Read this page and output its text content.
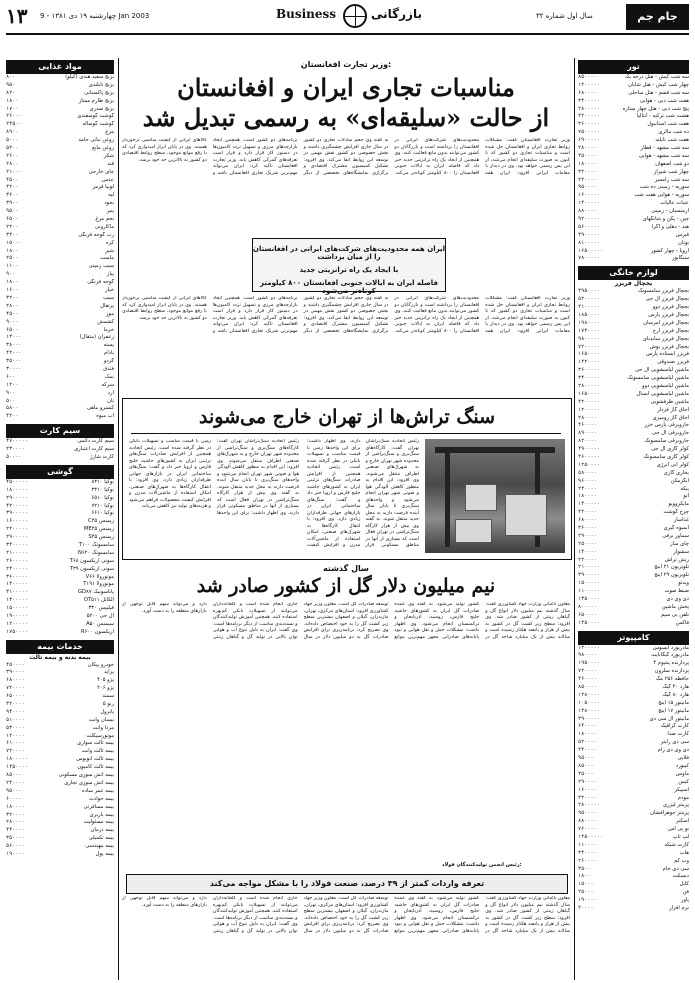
۱۳ چهارشنبه ۱۹ دی ۱۳۸۱ - 9 Jan 2003	Business	بازرگانی	سال اول شماره ۳۲	جام جم
مواد غذایی
۸۰۰	برنج سفید هندی (کیلو)
۹۵۰	برنج تایلندی
۸۲۰	برنج پاکستانی
۱۸۰۰	برنج طارم ممتاز
۱۷۰۰	برنج صدری
۲۶۰۰۰	گوشت گوسفندی
۲۴۵۰۰	گوشت گوساله
۸۹۰۰	مرغ
۵۰۰۰	روغن نباتی جامد
۵۲۰۰	روغن مایع
۲۶۰۰	شکر
۲۸۰۰	قند
۲۱۰۰۰	چای خارجی
۴۵۰۰	عدس
۴۲۰۰	لوبیا قرمز
۳۶۰۰	لپه
۳۹۰۰	نخود
۹۵۰۰	پنیر
۶۵۰۰	تخم مرغ
۲۲۰۰	ماکارونی
۳۴۰۰	رب گوجه فرنگی
۱۵۰۰۰	کره
۱۸۰۰	شیر
۲۵۰۰	ماست
۱۱۰۰	سیب زمینی
۹۰۰	پیاز
۱۸۰۰	گوجه فرنگی
۱۶۰۰	خیار
۳۲۰۰	سیب
۲۸۰۰	پرتقال
۴۵۰۰	موز
۹۰۰۰	کشمش
۶۵۰۰	خرما
۱۴۰۰۰	زعفران (مثقال)
۳۸۰۰۰	پسته
۴۲۰۰۰	بادام
۳۵۰۰۰	گردو
۳۰۰۰۰	فندق
۶۰۰	نمک
۱۲۰۰	سرکه
۹۰۰	آرد
۵۰۰	نان
۵۸۰۰	کنسرو ماهی
۴۲۰۰	آب میوه
سیم کارت
۴۷۰۰۰۰۰	سیم کارت دائمی
۲۳۰۰۰۰	سیم کارت اعتباری
۵۰۰۰۰	کارت شارژ
گوشی
۴۵۰۰۰۰۰	نوکیا ۸۳۱۰
۱۸۰۰۰۰۰	نوکیا ۳۳۱۰
۲۹۰۰۰۰۰	نوکیا ۶۵۱۰
۴۲۰۰۰۰۰	نوکیا ۷۲۱۰
۳۹۰۰۰۰۰	نوکیا ۶۶۱۰
۱۶۰۰۰۰۰	زیمنس C۴۵
۲۲۰۰۰۰۰	زیمنس ME۴۵
۲۹۰۰۰۰۰	زیمنس S۴۵
۳۴۰۰۰۰۰	سامسونگ T۱۰۰
۲۱۰۰۰۰۰	سامسونگ N۶۲۰
۲۶۰۰۰۰۰	سونی اریکسون T۶۸
۲۴۰۰۰۰۰	سونی اریکسون T۳۹
۳۶۰۰۰۰۰	موتورولا V۶۶
۱۴۰۰۰۰۰	موتورولا T۱۹۱
۳۱۰۰۰۰۰	پاناسونیک GD۸۷
۱۳۰۰۰۰۰	آلکاتل OT۵۱۱
۱۵۰۰۰۰۰	فیلیپس ۳۳۰
۱۹۰۰۰۰۰	ال جی ۵۲۰۰
۱۲۰۰۰۰۰	سیمنس A۵۰
۱۷۵۰۰۰۰	اریکسون R۶۰۰
خدمات بیمه
بیمه بدنه و بیمه ثالث
۴۵۰۰۰۰	خودرو پیکان
۳۹۰۰۰۰	پراید
۶۸۰۰۰۰	پژو ۴۰۵
۷۲۰۰۰۰	پژو ۲۰۶
۶۵۰۰۰۰	سمند
۳۲۰۰۰۰	رنو ۵
۹۴۰۰۰۰	پاترول
۵۱۰۰۰۰	نیسان وانت
۵۳۰۰۰۰	مزدا وانت
۱۲۰۰۰۰	موتورسیکلت
۶۱۰۰۰۰	بیمه ثالث سواری
۷۲۰۰۰۰	بیمه ثالث وانت
۱۸۰۰۰۰۰	بیمه ثالث اتوبوس
۱۴۵۰۰۰۰	بیمه ثالث کامیون
۸۵۰۰۰	بیمه آتش سوزی مسکونی
۲۴۰۰۰۰	بیمه آتش سوزی تجاری
۹۵۰۰۰	بیمه عمر ساده
۶۰۰۰۰	بیمه حوادث
۱۸۰۰۰۰	بیمه مسافرتی
۳۲۰۰۰۰	بیمه باربری
۲۸۰۰۰۰	بیمه مسئولیت
۴۴۰۰۰۰	بیمه درمان
۳۵۰۰۰۰	بیمه تکمیلی
۵۶۰۰۰۰	بیمه مهندسی
۱۹۰۰۰۰	بیمه پول
تور
۸۵۰۰۰۰	سه شب کیش - هتل درجه یک
۱۲۰۰۰۰۰	چهار شب کیش - هتل شایان
۶۸۰۰۰۰	سه شب قشم - هتل ساحلی
۳۴۰۰۰۰۰	هفت شب دبی - هوایی
۲۸۰۰۰۰۰	پنج شب دبی - هتل چهار ستاره
۴۲۰۰۰۰۰	هشت شب ترکیه - آنتالیا
۳۶۰۰۰۰۰	هفت شب استانبول
۷۵۰۰۰۰۰	ده شب مالزی
۶۹۰۰۰۰۰	هفت شب تایلند
۲۸۰۰۰۰	سه شب مشهد - قطار
۴۵۰۰۰۰	سه شب مشهد - هوایی
۱۸۰۰۰۰	دو شب اصفهان
۳۲۰۰۰۰	چهار شب شیراز
۲۲۰۰۰۰	سه شب رامسر
۹۵۰۰۰۰	سوریه - زمینی ده شب
۱۶۰۰۰۰۰	سوریه - هوایی هفت شب
۱۴۰۰۰۰۰	عتبات عالیات
۸۸۰۰۰۰	ارمنستان - زمینی
۹۲۰۰۰۰۰	چین - پکن و شانگهای
۵۶۰۰۰۰۰	هند - دهلی و آگرا
۴۹۰۰۰۰۰	قبرس
۸۱۰۰۰۰۰	یونان
۱۶۵۰۰۰۰۰	اروپا - چهار کشور
۷۸۰۰۰۰۰	سنگاپور
لوازم خانگی
یخچال فریزر
۴۹۵۰۰۰۰	یخچال فریزر سامسونگ
۵۲۰۰۰۰۰	یخچال فریزر ال جی
۴۱۰۰۰۰۰	یخچال فریزر دوو
۱۸۵۰۰۰۰	یخچال فریزر پارس
۱۹۸۰۰۰۰	یخچال فریزر امرسان
۱۷۴۰۰۰۰	یخچال فریزر ارج
۹۸۰۰۰۰۰	یخچال فریزر سایدبای
۷۲۰۰۰۰۰	یخچال فریزر بوش
۱۶۵۰۰۰۰	فریزر ایستاده پارس
۱۴۲۰۰۰۰	فریزر صندوقی
۳۶۰۰۰۰۰	ماشین لباسشویی ال جی
۳۴۰۰۰۰۰	ماشین لباسشویی سامسونگ
۲۸۰۰۰۰۰	ماشین لباسشویی دوو
۱۶۵۰۰۰۰	ماشین لباسشویی آبسال
۴۲۰۰۰۰۰	ماشین ظرفشویی
۱۲۰۰۰۰۰	اجاق گاز فردار
۲۸۰۰۰۰	اجاق گاز رومیزی
۴۶۰۰۰۰	جاروبرقی پارس خزر
۸۹۰۰۰۰	جاروبرقی ال جی
۸۲۰۰۰۰	جاروبرقی سامسونگ
۴۹۰۰۰۰۰	کولر گازی ال جی
۴۶۰۰۰۰۰	کولر گازی سامسونگ
۱۲۵۰۰۰۰	کولر آبی انرژی
۵۸۰۰۰۰	بخاری گازی
۹۶۰۰۰۰	آبگرمکن
۲۴۰۰۰۰	پنکه
۱۸۰۰۰۰	اتو
۱۴۰۰۰۰۰	مایکروویو
۴۲۰۰۰۰	چرخ گوشت
۶۸۰۰۰۰	غذاساز
۳۶۰۰۰۰	آبمیوه گیری
۲۹۰۰۰۰	سماور برقی
۲۵۰۰۰۰	چای ساز
۱۴۰۰۰۰	سشوار
۲۲۰۰۰۰	ریش تراش
۲۱۰۰۰۰۰	تلویزیون ۲۱ اینچ
۳۹۰۰۰۰۰	تلویزیون ۲۹ اینچ
۱۵۰۰۰۰۰	ویدئو
۱۱۰۰۰۰۰	ضبط صوت
۱۳۵۰۰۰۰	دی وی دی
۸۰۰۰۰۰	پخش ماشین
۶۵۰۰۰۰	تلفن بی سیم
۱۴۵۰۰۰۰	فاکس
کامپیوتر
۱۲۰۰۰۰۰	مادربورد ایسوس
۹۸۰۰۰۰	مادربورد گیگابایت
۱۹۵۰۰۰۰	پردازنده پنتیوم ۴
۷۲۰۰۰۰	پردازنده سلرون
۴۶۰۰۰۰	حافظه ۲۵۶ مگ
۸۵۰۰۰۰	هارد ۴۰ گیگ
۱۲۸۰۰۰۰	هارد ۸۰ گیگ
۱۰۵۰۰۰۰	مانیتور ۱۵ اینچ
۱۴۸۰۰۰۰	مانیتور ۱۷ اینچ
۳۹۰۰۰۰۰	مانیتور ال سی دی
۶۴۰۰۰۰	کارت گرافیک
۱۸۰۰۰۰	کارت صدا
۵۲۰۰۰۰	سی دی رایتر
۴۴۰۰۰۰	دی وی دی رام
۹۵۰۰۰	فلاپی
۸۵۰۰۰	کیبورد
۴۵۰۰۰	ماوس
۲۹۰۰۰۰	کیس
۱۶۰۰۰۰	اسپیکر
۳۲۰۰۰۰	مودم
۲۸۰۰۰۰۰	پرینتر لیزری
۹۵۰۰۰۰	پرینتر جوهرافشان
۸۸۰۰۰۰	اسکنر
۷۶۰۰۰۰	یو پی اس
۱۴۵۰۰۰۰۰	لپ تاپ
۱۱۰۰۰۰	کارت شبکه
۳۴۰۰۰۰	هاب
۲۶۰۰۰۰	وب کم
۳۵۰۰	سی دی خام
۱۸۰۰	دیسکت
۱۵۰۰۰	کابل
۲۵۰۰۰	فن
۱۹۰۰۰۰	پاور
۲۰۰۰۰	نرم افزار
وزیر تجارت افغانستان:
مناسبات تجاری ایران و افغانستان
از حالت «سلیقه‌ای» به رسمی تبدیل شد
وزیر تجارت افغانستان گفت: مشکلات روابط تجاری ایران و افغانستان حل شده است و مناسبات تجاری دو کشور که تا کنون به صورت سلیقه‌ای انجام می‌شد، از این پس رسمی خواهد بود. وی در دیدار با مقامات ایرانی افزود: ایران همه محدودیت‌های شرکت‌های ایرانی در افغانستان را برداشته است و بازرگانان دو کشور می‌توانند بدون مانع فعالیت کنند. وی همچنین از ایجاد یک راه ترانزیتی جدید خبر داد که فاصله ایران به ایالات جنوبی افغانستان را ۸۰۰ کیلومتر کوتاه‌تر می‌کند. به گفته وی حجم مبادلات تجاری دو کشور در سال جاری افزایش چشمگیری داشته و بخش خصوصی دو کشور نقش مهمی در توسعه این روابط ایفا می‌کند. وی افزود: تشکیل کمیسیون مشترک اقتصادی و برگزاری نمایشگاه‌های تخصصی از دیگر برنامه‌های دو کشور است. همچنین ایجاد بازارچه‌های مرزی و تسهیل تردد کامیون‌ها در دستور کار قرار دارد و قرار است تعرفه‌های گمرکی کاهش یابد. وزیر تجارت افغانستان تاکید کرد: ایران می‌تواند مهم‌ترین شریک تجاری افغانستان باشد و کالاهای ایرانی از کیفیت مناسبی برخوردار هستند. وی در پایان ابراز امیدواری کرد که با رفع موانع موجود، سطح روابط اقتصادی دو کشور به بالاترین حد خود برسد.
ایران همه محدودیت‌های شرکت‌های ایرانی در افغانستان را از میان برداشت
با ایجاد یک راه ترانزیتی جدید
فاصله ایران به ایالات جنوبی افغانستان ۸۰۰ کیلومتر کوتاه‌تر می‌شود
وزیر تجارت افغانستان گفت: مشکلات روابط تجاری ایران و افغانستان حل شده است و مناسبات تجاری دو کشور که تا کنون به صورت سلیقه‌ای انجام می‌شد، از این پس رسمی خواهد بود. وی در دیدار با مقامات ایرانی افزود: ایران همه محدودیت‌های شرکت‌های ایرانی در افغانستان را برداشته است و بازرگانان دو کشور می‌توانند بدون مانع فعالیت کنند. وی همچنین از ایجاد یک راه ترانزیتی جدید خبر داد که فاصله ایران به ایالات جنوبی افغانستان را ۸۰۰ کیلومتر کوتاه‌تر می‌کند. به گفته وی حجم مبادلات تجاری دو کشور در سال جاری افزایش چشمگیری داشته و بخش خصوصی دو کشور نقش مهمی در توسعه این روابط ایفا می‌کند. وی افزود: تشکیل کمیسیون مشترک اقتصادی و برگزاری نمایشگاه‌های تخصصی از دیگر برنامه‌های دو کشور است. همچنین ایجاد بازارچه‌های مرزی و تسهیل تردد کامیون‌ها در دستور کار قرار دارد و قرار است تعرفه‌های گمرکی کاهش یابد. وزیر تجارت افغانستان تاکید کرد: ایران می‌تواند مهم‌ترین شریک تجاری افغانستان باشد و کالاهای ایرانی از کیفیت مناسبی برخوردار هستند. وی در پایان ابراز امیدواری کرد که با رفع موانع موجود، سطح روابط اقتصادی دو کشور به بالاترین حد خود برسد.
سنگ تراش‌ها از تهران خارج می‌شوند
رئیس اتحادیه سنگ‌تراشان تهران گفت: کارگاه‌های سنگ‌بری و سنگ‌تراشی از محدوده شهر تهران خارج و به شهرک‌های صنعتی اطراف منتقل می‌شوند. وی افزود: این اقدام به منظور کاهش آلودگی هوا و صوتی شهر تهران انجام می‌شود و واحدهای سنگ‌بری تا پایان سال آینده فرصت دارند به محل جدید منتقل شوند. به گفته وی بیش از هزار کارگاه سنگ‌تراشی در تهران فعال است که بسیاری از آنها در مناطق مسکونی قرار دارند. وی اظهار داشت: برای این واحدها زمین با قیمت مناسب و تسهیلات بانکی در نظر گرفته شده است. رئیس اتحادیه همچنین از افزایش صادرات سنگ‌های تزئینی ایران به کشورهای حاشیه خلیج فارس و اروپا خبر داد و گفت: سنگ‌های ساختمانی ایران در بازارهای جهانی طرفداران زیادی دارد. وی افزود: با انتقال کارگاه‌ها به شهرک‌های صنعتی، امکان استفاده از ماشین‌آلات مدرن و افزایش کیفیت محصولات فراهم می‌شود و هزینه‌های تولید نیز کاهش می‌یابد.
رئیس اتحادیه سنگ‌تراشان تهران گفت: کارگاه‌های سنگ‌بری و سنگ‌تراشی از محدوده شهر تهران خارج و به شهرک‌های صنعتی اطراف منتقل می‌شوند. وی افزود: این اقدام به منظور کاهش آلودگی هوا و صوتی شهر تهران انجام می‌شود و واحدهای سنگ‌بری تا پایان سال آینده فرصت دارند به محل جدید منتقل شوند. به گفته وی بیش از هزار کارگاه سنگ‌تراشی در تهران فعال است که بسیاری از آنها در مناطق مسکونی قرار دارند. وی اظهار داشت: برای این واحدها زمین با قیمت مناسب و تسهیلات بانکی در نظر گرفته شده است. رئیس اتحادیه همچنین از افزایش صادرات سنگ‌های تزئینی ایران به کشورهای حاشیه خلیج فارس و اروپا خبر داد و گفت: سنگ‌های ساختمانی ایران در بازارهای جهانی طرفداران زیادی دارد. وی افزود: با انتقال کارگاه‌ها به شهرک‌های صنعتی، امکان استفاده از ماشین‌آلات مدرن و افزایش کیفیت
سال گذشته
نیم میلیون دلار گل از کشور صادر شد
معاون باغبانی وزارت جهاد کشاورزی گفت: سال گذشته نیم میلیون دلار انواع گل و گیاهان زینتی از کشور صادر شد. وی افزود: سطح زیر کشت گل در کشور به بیش از هزار و پانصد هکتار رسیده است و سالانه بیش از یک میلیارد شاخه گل در کشور تولید می‌شود. به گفته وی عمده صادرات گل ایران به کشورهای حاشیه خلیج فارس، روسیه، آذربایجان و ترکمنستان انجام می‌شود. وی اظهار داشت: مشکلات حمل و نقل هوایی و نبود پایانه‌های صادراتی مجهز مهم‌ترین موانع توسعه صادرات گل است. معاون وزیر جهاد کشاورزی افزود: استان‌های مرکزی، تهران، مازندران، گیلان و اصفهان بیشترین سطح زیر کشت گل را به خود اختصاص داده‌اند. وی تصریح کرد: برنامه‌ریزی برای افزایش صادرات گل به دو میلیون دلار در سال جاری انجام شده است و گلخانه‌داران می‌توانند از تسهیلات بانکی کم‌بهره استفاده کنند. همچنین آموزش تولیدکنندگان و بسته‌بندی مناسب از دیگر برنامه‌ها است. وی گفت: ایران به دلیل تنوع آب و هوایی توان بالایی در تولید گل و گیاهان زینتی دارد و می‌تواند سهم قابل توجهی از بازارهای منطقه را به دست آورد.
تعرفه واردات کمتر از ۳۹ درصد، صنعت فولاد را با مشکل مواجه می‌کند
رئیس انجمن تولیدکنندگان فولاد:
معاون باغبانی وزارت جهاد کشاورزی گفت: سال گذشته نیم میلیون دلار انواع گل و گیاهان زینتی از کشور صادر شد. وی افزود: سطح زیر کشت گل در کشور به بیش از هزار و پانصد هکتار رسیده است و سالانه بیش از یک میلیارد شاخه گل در کشور تولید می‌شود. به گفته وی عمده صادرات گل ایران به کشورهای حاشیه خلیج فارس، روسیه، آذربایجان و ترکمنستان انجام می‌شود. وی اظهار داشت: مشکلات حمل و نقل هوایی و نبود پایانه‌های صادراتی مجهز مهم‌ترین موانع توسعه صادرات گل است. معاون وزیر جهاد کشاورزی افزود: استان‌های مرکزی، تهران، مازندران، گیلان و اصفهان بیشترین سطح زیر کشت گل را به خود اختصاص داده‌اند. وی تصریح کرد: برنامه‌ریزی برای افزایش صادرات گل به دو میلیون دلار در سال جاری انجام شده است و گلخانه‌داران می‌توانند از تسهیلات بانکی کم‌بهره استفاده کنند. همچنین آموزش تولیدکنندگان و بسته‌بندی مناسب از دیگر برنامه‌ها است. وی گفت: ایران به دلیل تنوع آب و هوایی توان بالایی در تولید گل و گیاهان زینتی دارد و می‌تواند سهم قابل توجهی از بازارهای منطقه را به دست آورد.
